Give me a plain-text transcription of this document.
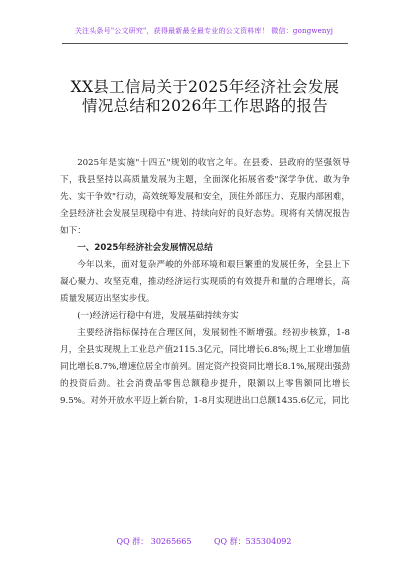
关注头条号"公文研究"，获得最新最全最专业的公文资料库！ 微信：gongwenyj
XX县工信局关于2025年经济社会发展情况总结和2026年工作思路的报告

2025年是实施"十四五"规划的收官之年。在县委、县政府的坚强领导下，我县坚持以高质量发展为主题，全面深化拓展省委"深学争优、敢为争先、实干争效"行动，高效统筹发展和安全，顶住外部压力、克服内部困难，全县经济社会发展呈现稳中有进、持续向好的良好态势。现将有关情况报告如下：

一、2025年经济社会发展情况总结

今年以来，面对复杂严峻的外部环境和艰巨繁重的发展任务，全县上下凝心聚力、攻坚克难，推动经济运行实现质的有效提升和量的合理增长，高质量发展迈出坚实步伐。

(一)经济运行稳中有进，发展基础持续夯实

主要经济指标保持在合理区间，发展韧性不断增强。经初步核算，1-8月，全县实现规上工业总产值2115.3亿元，同比增长6.8%;规上工业增加值同比增长8.7%,增速位居全市前列。固定资产投资同比增长8.1%,展现出强劲的投资后劲。社会消费品零售总额稳步提升，限额以上零售额同比增长9.5%。对外开放水平迈上新台阶，1-8月实现进出口总额1435.6亿元，同比

QQ 群： 30265665	QQ 群：535304092
